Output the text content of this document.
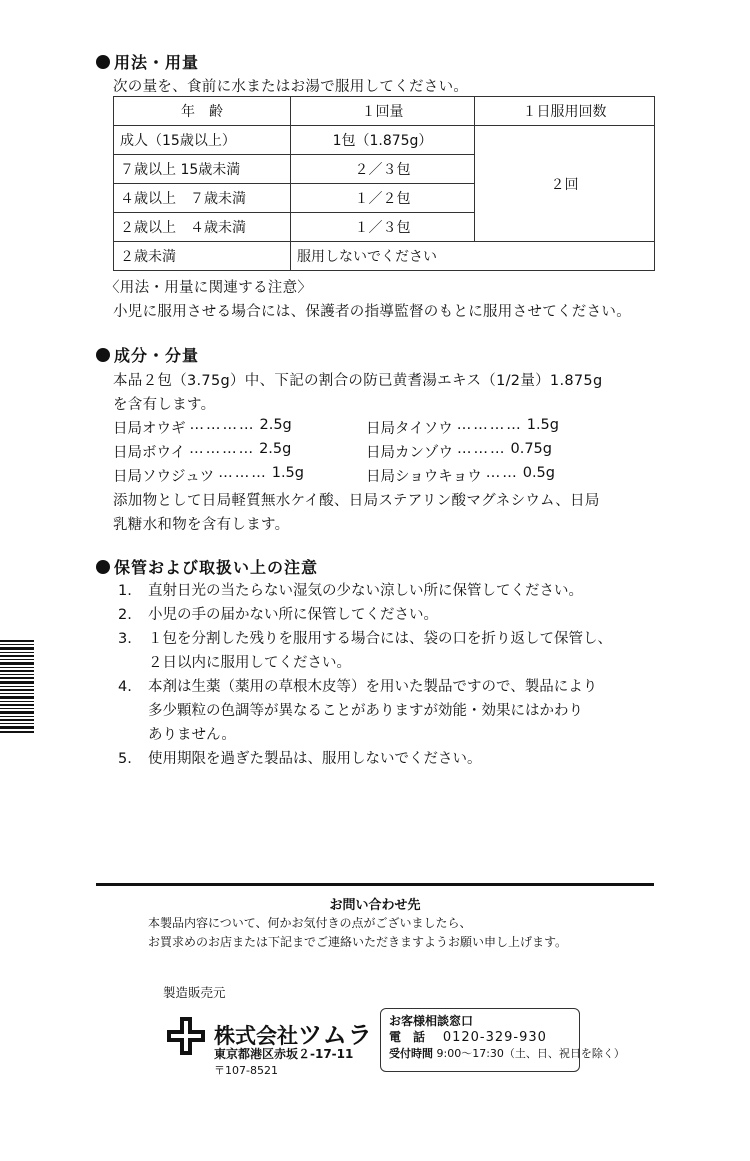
用法・用量
次の量を、食前に水またはお湯で服用してください。
年　齢	１回量	１日服用回数
成人（15歳以上）	1包（1.875g）	２回
７歳以上 15歳未満	２／３包	
４歳以上　７歳未満	１／２包	
２歳以上　４歳未満	１／３包	
２歳未満	服用しないでください	
〈用法・用量に関連する注意〉
小児に服用させる場合には、保護者の指導監督のもとに服用させてください。
成分・分量
本品２包（3.75g）中、下記の割合の防已黄耆湯エキス（1/2量）1.875g
を含有します。
日局オウギ ………… 2.5g	日局タイソウ ………… 1.5g
日局ボウイ ………… 2.5g	日局カンゾウ ……… 0.75g
日局ソウジュツ ……… 1.5g	日局ショウキョウ …… 0.5g
添加物として日局軽質無水ケイ酸、日局ステアリン酸マグネシウム、日局
乳糖水和物を含有します。
保管および取扱い上の注意
1. 直射日光の当たらない湿気の少ない涼しい所に保管してください。
2. 小児の手の届かない所に保管してください。
3. １包を分割した残りを服用する場合には、袋の口を折り返して保管し、
２日以内に服用してください。
4. 本剤は生薬（薬用の草根木皮等）を用いた製品ですので、製品により
多少顆粒の色調等が異なることがありますが効能・効果にはかわり
ありません。
5. 使用期限を過ぎた製品は、服用しないでください。
お問い合わせ先
本製品内容について、何かお気付きの点がございましたら、
お買求めのお店または下記までご連絡いただきますようお願い申し上げます。
製造販売元
株式会社ツムラ
東京都港区赤坂２-17-11
〒107-8521
お客様相談窓口
電　話 0120-329-930
受付時間 9:00〜17:30（土、日、祝日を除く）
